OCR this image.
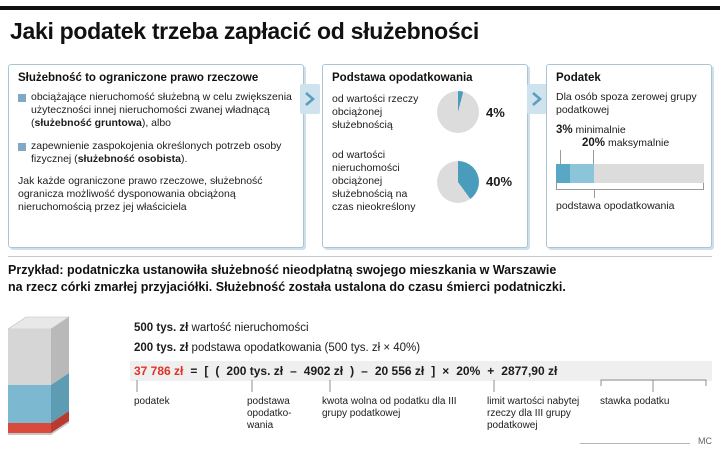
Jaki podatek trzeba zapłacić od służebności
Służebność to ograniczone prawo rzeczowe
obciążające nieruchomość służebną w celu zwiększenia użyteczności innej nieruchomości zwanej władnącą (służebność gruntowa), albo
zapewnienie zaspokojenia określonych potrzeb osoby fizycznej (służebność osobista).
Jak każde ograniczone prawo rzeczowe, służebność ogranicza możliwość dysponowania obciążoną nieruchomością przez jej właściciela
Podstawa opodatkowania
od wartości rzeczy obciążonej służebnością
4%
od wartości nieruchomości obciążonej służebnością na czas nieokreślony
40%
Podatek
Dla osób spoza zerowej grupy podatkowej
3% minimalnie
20% maksymalnie
podstawa opodatkowania
Przykład: podatniczka ustanowiła służebność nieodpłatną swojego mieszkania w Warszawie
na rzecz córki zmarłej przyjaciółki. Służebność została ustalona do czasu śmierci podatniczki.
500 tys. zł wartość nieruchomości
200 tys. zł podstawa opodatkowania (500 tys. zł × 40%)
37 786 zł = [ ( 200 tys. zł – 4902 zł ) – 20 556 zł ] × 20% + 2877,90 zł
podatek	podstawa opodatko-wania
kwota wolna od podatku dla III grupy podatkowej
limit wartości nabytej rzeczy dla III grupy podatkowej
stawka podatku
MC
